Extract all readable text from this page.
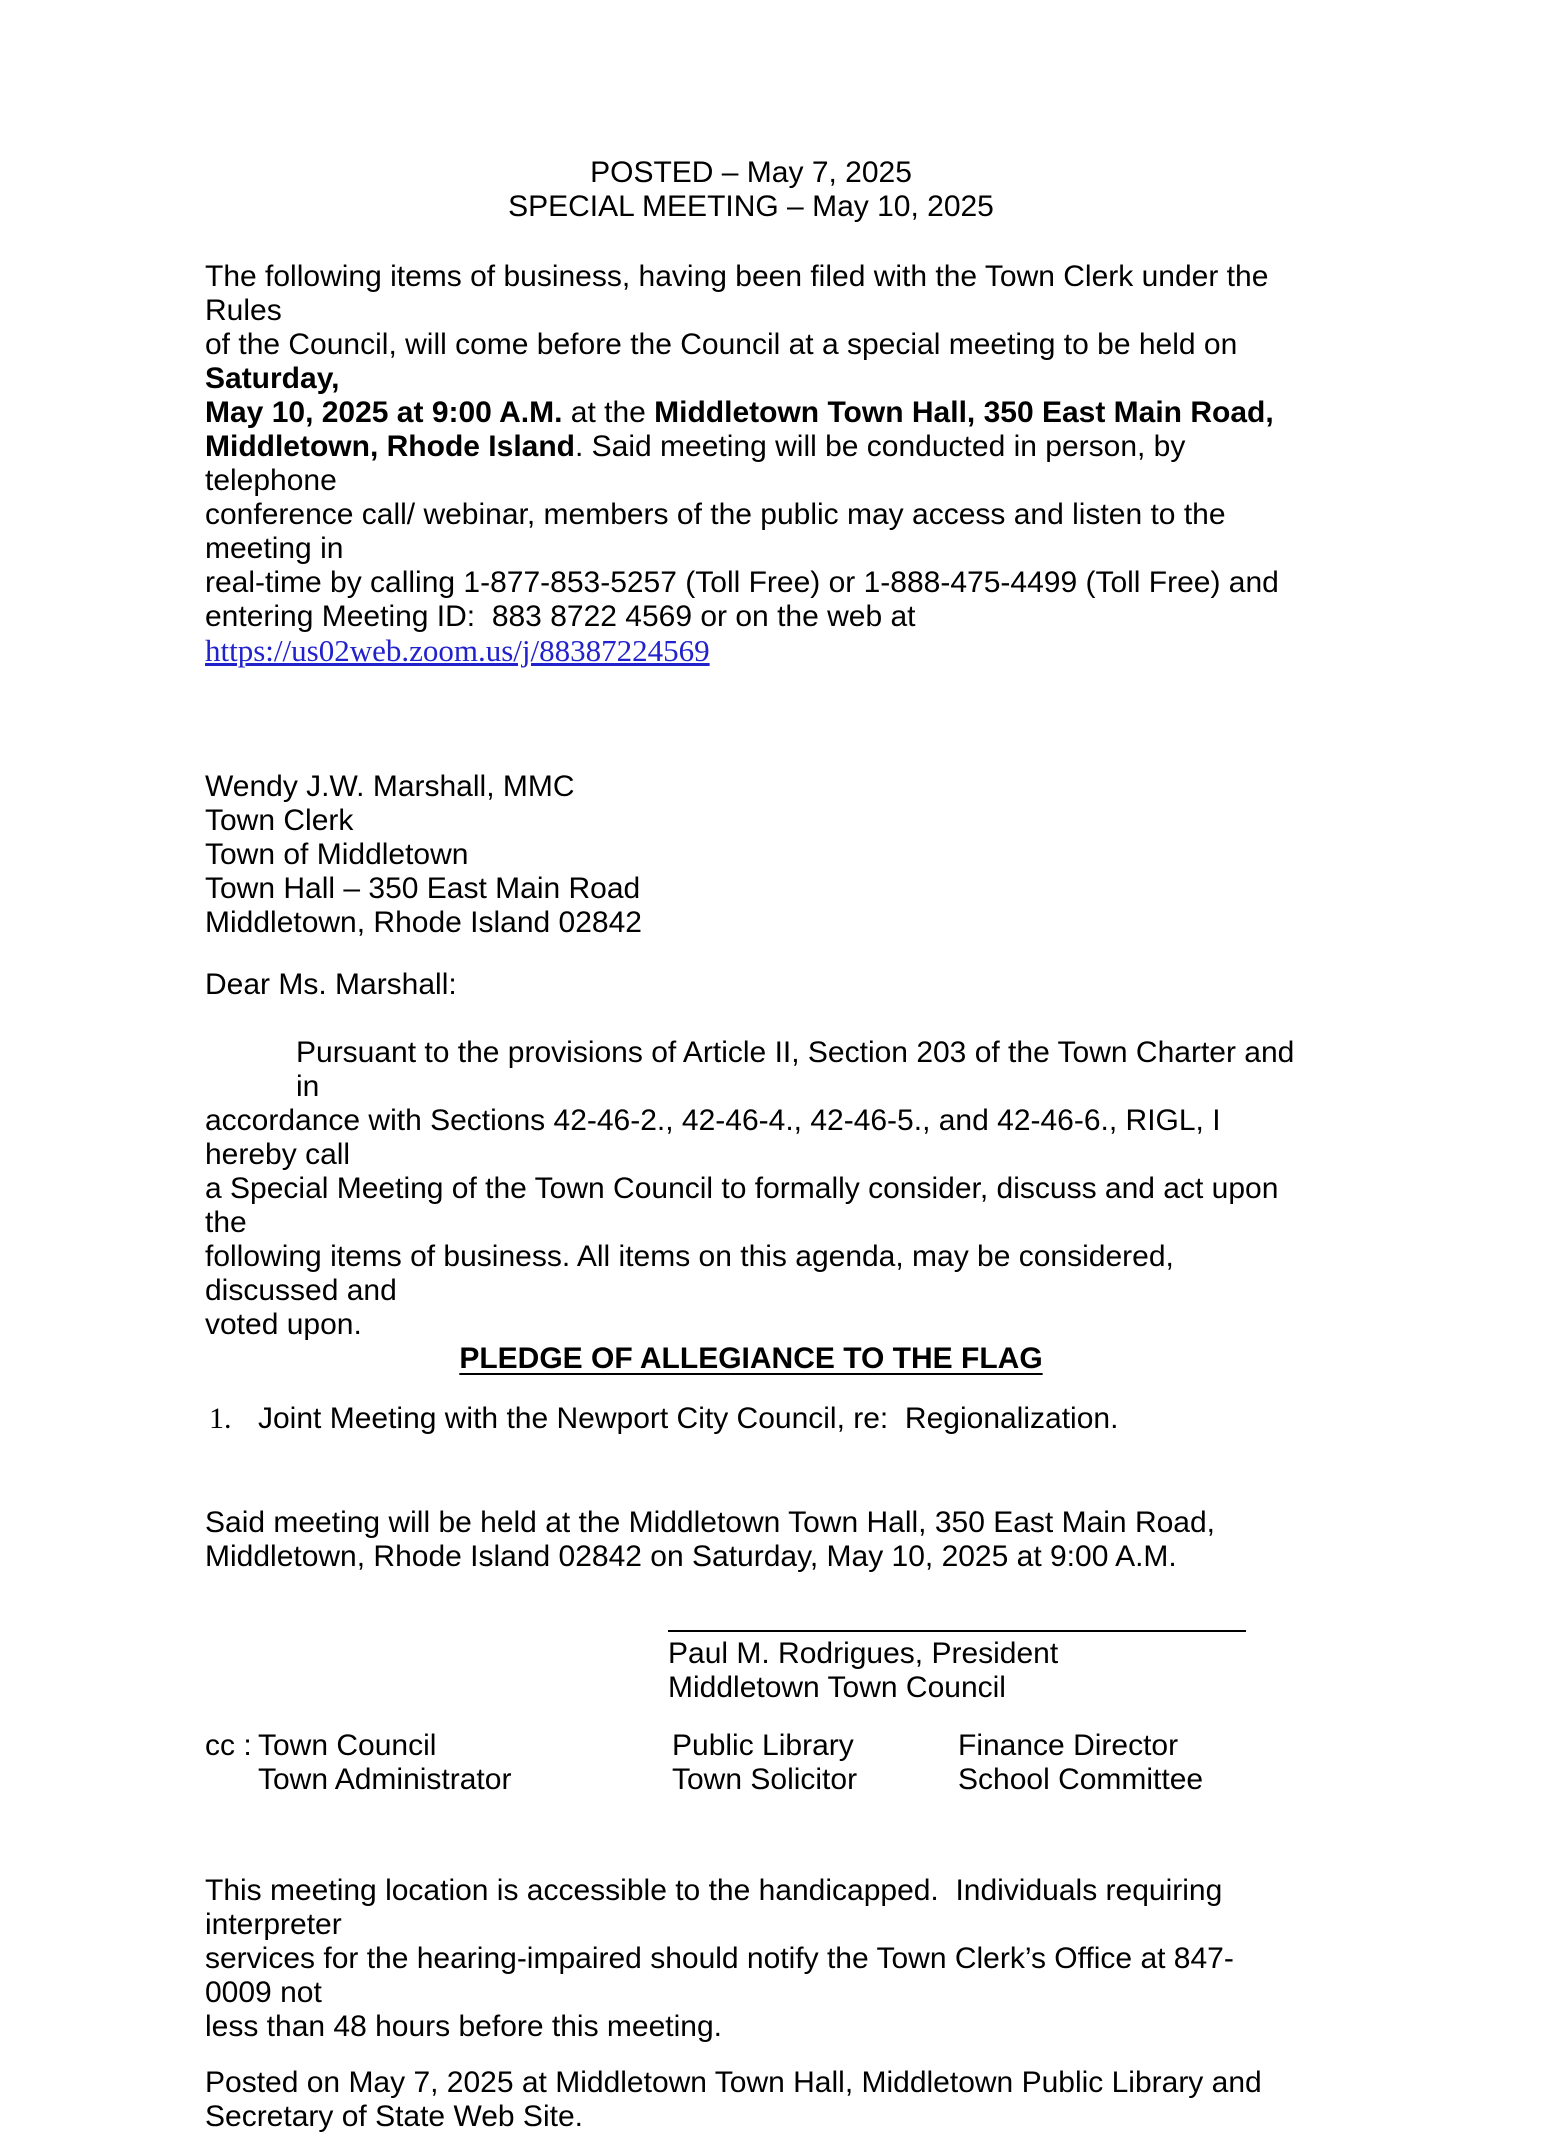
POSTED – May 7, 2025
SPECIAL MEETING – May 10, 2025
The following items of business, having been filed with the Town Clerk under the Rules
of the Council, will come before the Council at a special meeting to be held on Saturday,
May 10, 2025 at 9:00 A.M. at the Middletown Town Hall, 350 East Main Road,
Middletown, Rhode Island. Said meeting will be conducted in person, by telephone
conference call/ webinar, members of the public may access and listen to the meeting in
real-time by calling 1-877-853-5257 (Toll Free) or 1-888-475-4499 (Toll Free) and
entering Meeting ID:  883 8722 4569 or on the web at
https://us02web.zoom.us/j/88387224569
Wendy J.W. Marshall, MMC
Town Clerk
Town of Middletown
Town Hall – 350 East Main Road
Middletown, Rhode Island 02842
Dear Ms. Marshall:
Pursuant to the provisions of Article II, Section 203 of the Town Charter and in
accordance with Sections 42-46-2., 42-46-4., 42-46-5., and 42-46-6., RIGL, I hereby call
a Special Meeting of the Town Council to formally consider, discuss and act upon the
following items of business. All items on this agenda, may be considered, discussed and
voted upon.
PLEDGE OF ALLEGIANCE TO THE FLAG
1. Joint Meeting with the Newport City Council, re:  Regionalization.
Said meeting will be held at the Middletown Town Hall, 350 East Main Road,
Middletown, Rhode Island 02842 on Saturday, May 10, 2025 at 9:00 A.M.
Paul M. Rodrigues, President
Middletown Town Council
cc : Town Council
Town Administrator
Public Library
Town Solicitor
Finance Director
School Committee
This meeting location is accessible to the handicapped.  Individuals requiring interpreter
services for the hearing-impaired should notify the Town Clerk’s Office at 847-0009 not
less than 48 hours before this meeting.
Posted on May 7, 2025 at Middletown Town Hall, Middletown Public Library and
Secretary of State Web Site.
